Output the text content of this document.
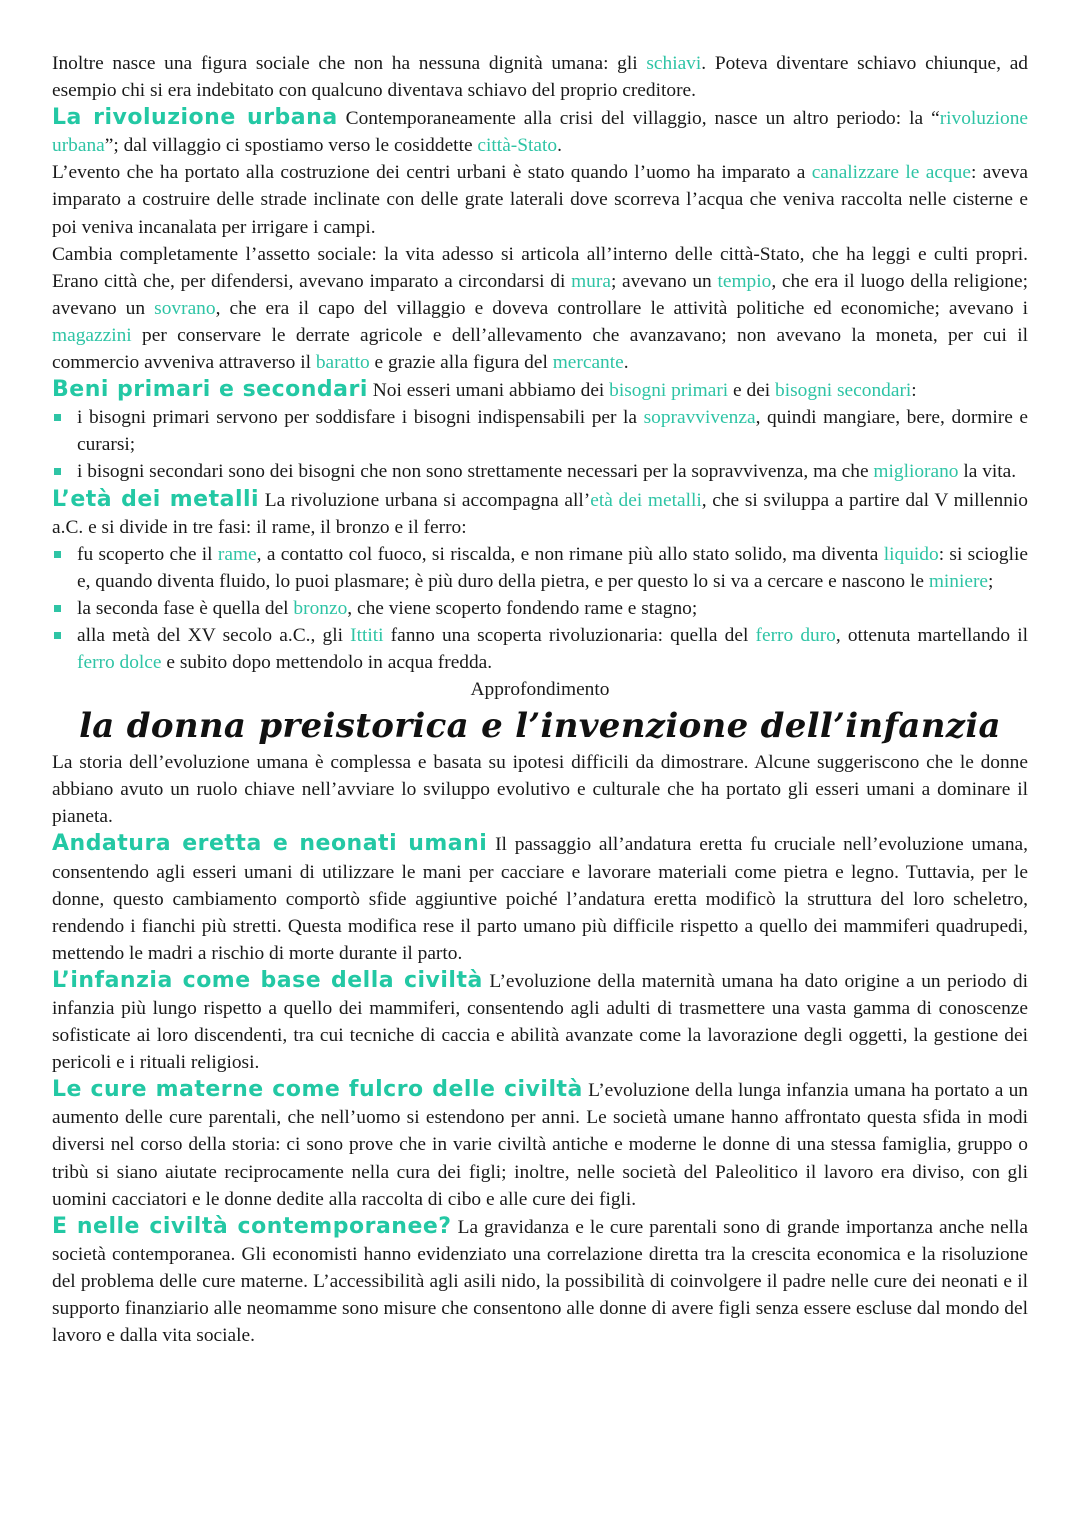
Inoltre nasce una figura sociale che non ha nessuna dignità umana: gli schiavi. Poteva diventare schiavo chiunque, ad esempio chi si era indebitato con qualcuno diventava schiavo del proprio creditore.

La rivoluzione urbana Contemporaneamente alla crisi del villaggio, nasce un altro periodo: la “rivoluzione urbana”; dal villaggio ci spostiamo verso le cosiddette città-Stato.

L’evento che ha portato alla costruzione dei centri urbani è stato quando l’uomo ha imparato a canalizzare le acque: aveva imparato a costruire delle strade inclinate con delle grate laterali dove scorreva l’acqua che veniva raccolta nelle cisterne e poi veniva incanalata per irrigare i campi.

Cambia completamente l’assetto sociale: la vita adesso si articola all’interno delle città-Stato, che ha leggi e culti propri. Erano città che, per difendersi, avevano imparato a circondarsi di mura; avevano un tempio, che era il luogo della religione; avevano un sovrano, che era il capo del villaggio e doveva controllare le attività politiche ed economiche; avevano i magazzini per conservare le derrate agricole e dell’allevamento che avanzavano; non avevano la moneta, per cui il commercio avveniva attraverso il baratto e grazie alla figura del mercante.

Beni primari e secondari Noi esseri umani abbiamo dei bisogni primari e dei bisogni secondari:

i bisogni primari servono per soddisfare i bisogni indispensabili per la sopravvivenza, quindi mangiare, bere, dormire e curarsi;
i bisogni secondari sono dei bisogni che non sono strettamente necessari per la sopravvivenza, ma che migliorano la vita.

L’età dei metalli La rivoluzione urbana si accompagna all’età dei metalli, che si sviluppa a partire dal V millennio a.C. e si divide in tre fasi: il rame, il bronzo e il ferro:

fu scoperto che il rame, a contatto col fuoco, si riscalda, e non rimane più allo stato solido, ma diventa liquido: si scioglie e, quando diventa fluido, lo puoi plasmare; è più duro della pietra, e per questo lo si va a cercare e nascono le miniere;
la seconda fase è quella del bronzo, che viene scoperto fondendo rame e stagno;
alla metà del XV secolo a.C., gli Ittiti fanno una scoperta rivoluzionaria: quella del ferro duro, ottenuta martellando il ferro dolce e subito dopo mettendolo in acqua fredda.

Approfondimento

la donna preistorica e l’invenzione dell’infanzia

La storia dell’evoluzione umana è complessa e basata su ipotesi difficili da dimostrare. Alcune suggeriscono che le donne abbiano avuto un ruolo chiave nell’avviare lo sviluppo evolutivo e culturale che ha portato gli esseri umani a dominare il pianeta.

Andatura eretta e neonati umani Il passaggio all’andatura eretta fu cruciale nell’evoluzione umana, consentendo agli esseri umani di utilizzare le mani per cacciare e lavorare materiali come pietra e legno. Tuttavia, per le donne, questo cambiamento comportò sfide aggiuntive poiché l’andatura eretta modificò la struttura del loro scheletro, rendendo i fianchi più stretti. Questa modifica rese il parto umano più difficile rispetto a quello dei mammiferi quadrupedi, mettendo le madri a rischio di morte durante il parto.

L’infanzia come base della civiltà L’evoluzione della maternità umana ha dato origine a un periodo di infanzia più lungo rispetto a quello dei mammiferi, consentendo agli adulti di trasmettere una vasta gamma di conoscenze sofisticate ai loro discendenti, tra cui tecniche di caccia e abilità avanzate come la lavorazione degli oggetti, la gestione dei pericoli e i rituali religiosi.

Le cure materne come fulcro delle civiltà L’evoluzione della lunga infanzia umana ha portato a un aumento delle cure parentali, che nell’uomo si estendono per anni. Le società umane hanno affrontato questa sfida in modi diversi nel corso della storia: ci sono prove che in varie civiltà antiche e moderne le donne di una stessa famiglia, gruppo o tribù si siano aiutate reciprocamente nella cura dei figli; inoltre, nelle società del Paleolitico il lavoro era diviso, con gli uomini cacciatori e le donne dedite alla raccolta di cibo e alle cure dei figli.

E nelle civiltà contemporanee? La gravidanza e le cure parentali sono di grande importanza anche nella società contemporanea. Gli economisti hanno evidenziato una correlazione diretta tra la crescita economica e la risoluzione del problema delle cure materne. L’accessibilità agli asili nido, la possibilità di coinvolgere il padre nelle cure dei neonati e il supporto finanziario alle neomamme sono misure che consentono alle donne di avere figli senza essere escluse dal mondo del lavoro e dalla vita sociale.
